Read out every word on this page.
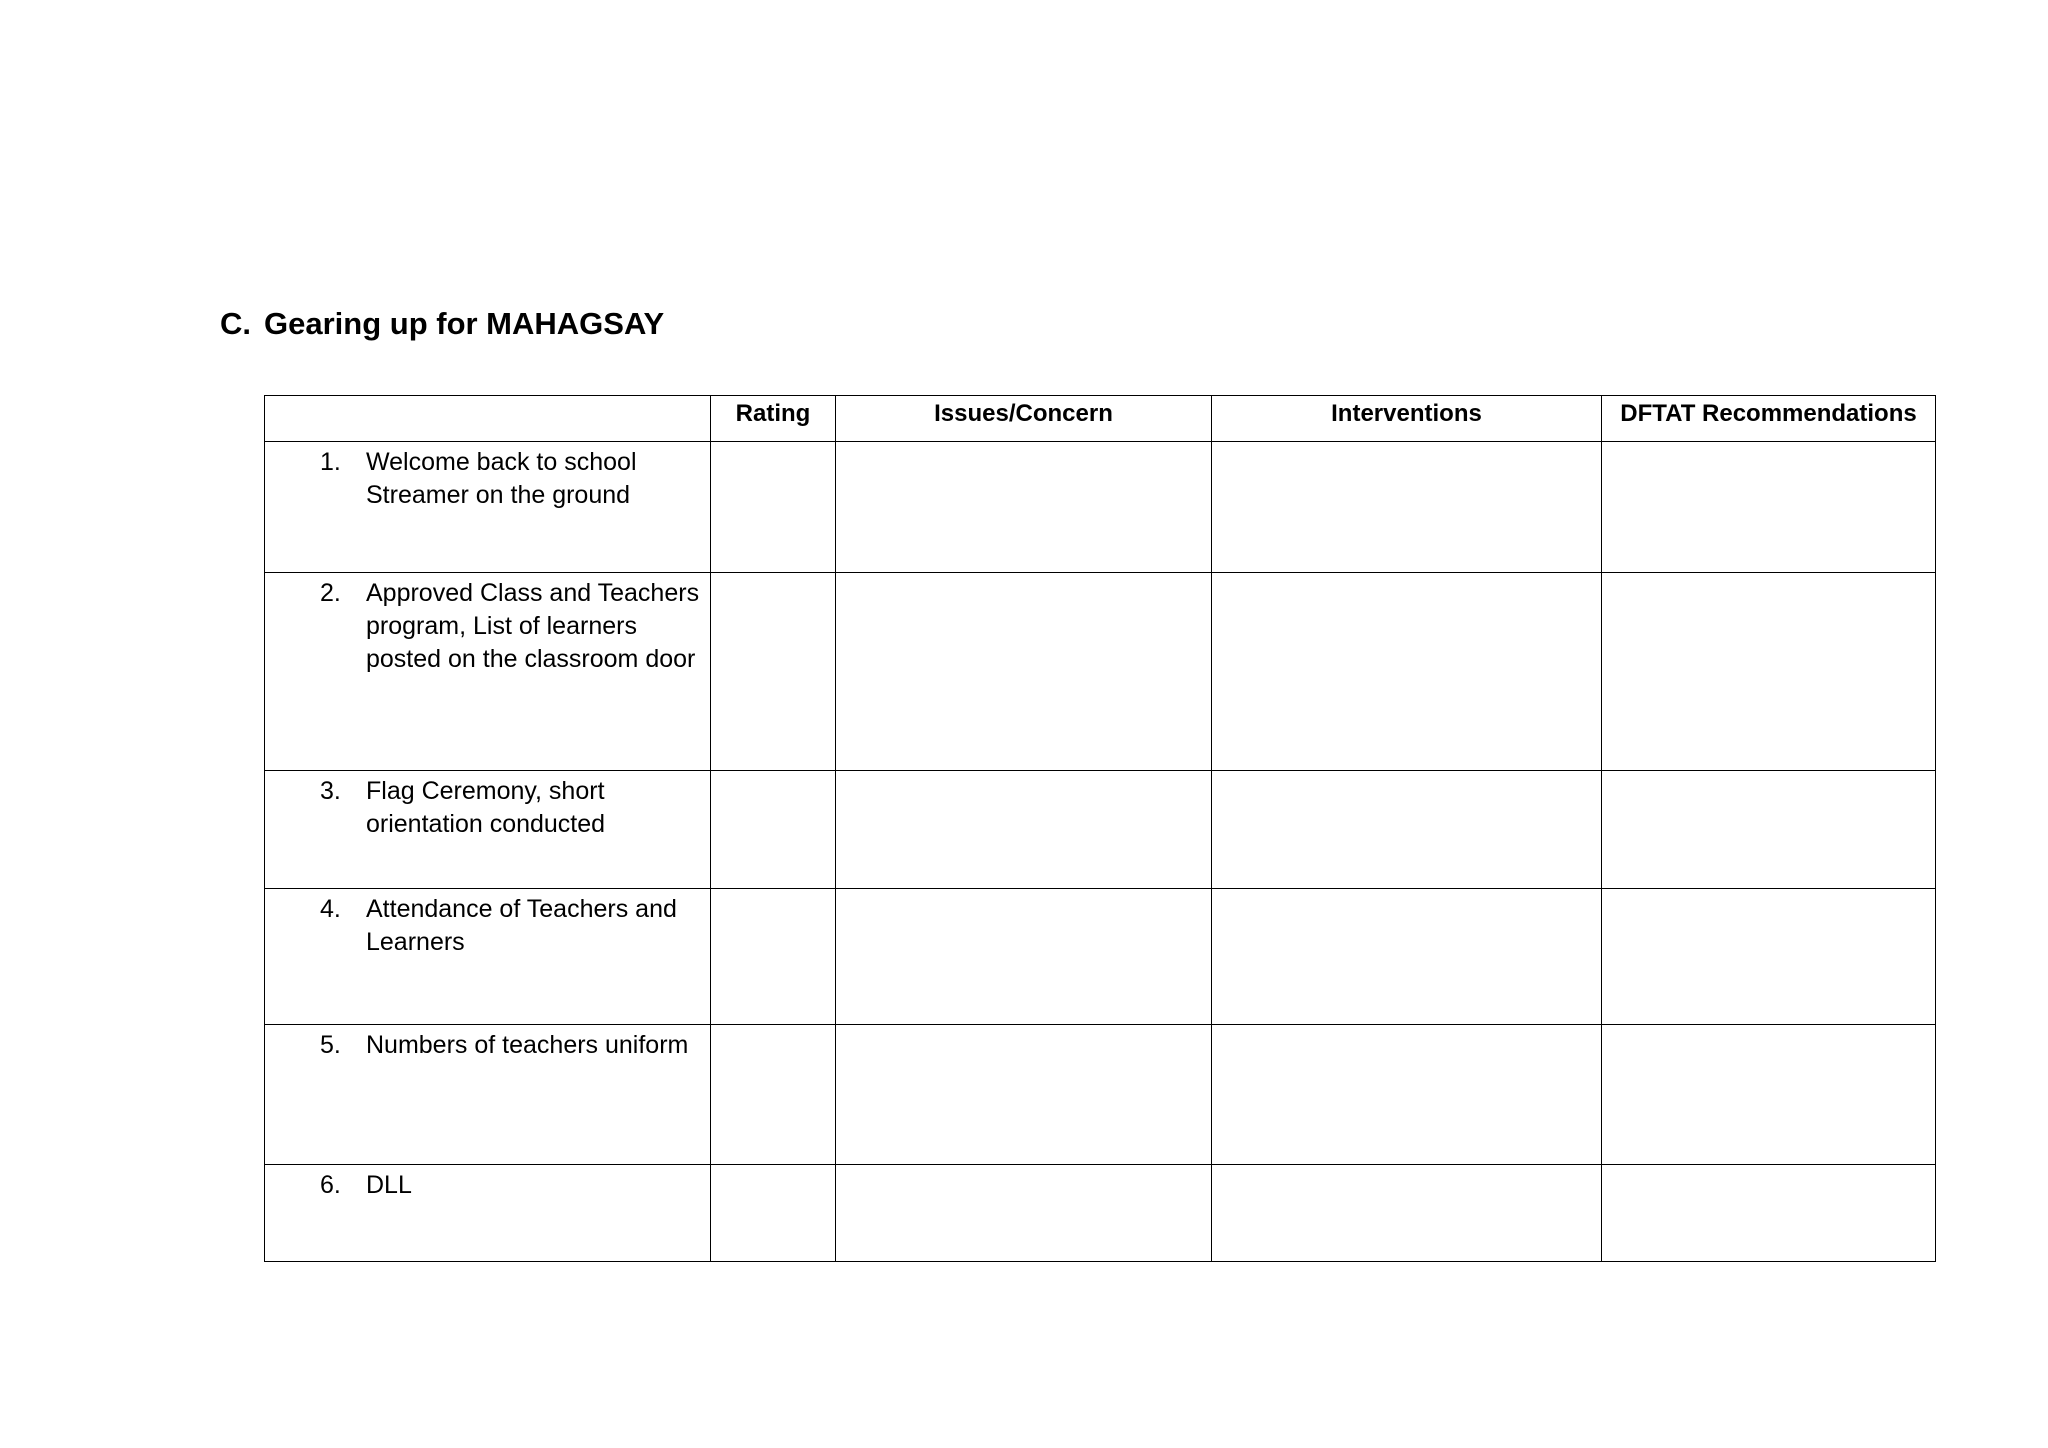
C. Gearing up for MAHAGSAY
	Rating	Issues/Concern	Interventions	DFTAT Recommendations

1. Welcome back to school Streamer on the ground				

2. Approved Class and Teachers program, List of learners posted on the classroom door				

3. Flag Ceremony, short orientation conducted				

4. Attendance of Teachers and Learners				

5. Numbers of teachers uniform				

6. DLL				
